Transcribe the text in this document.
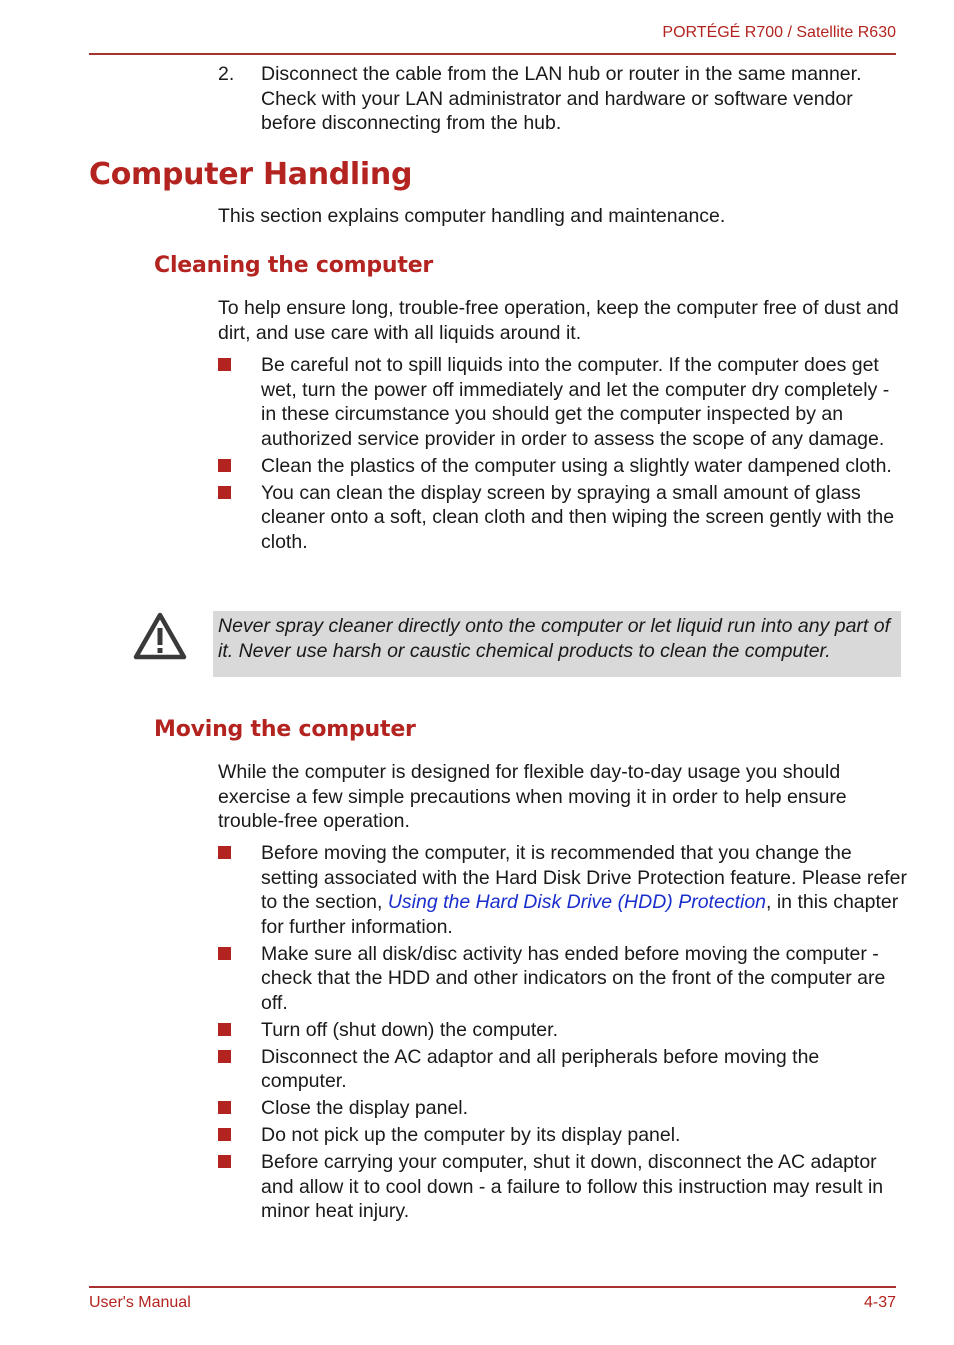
PORTÉGÉ R700 / Satellite R630
2. Disconnect the cable from the LAN hub or router in the same manner. Check with your LAN administrator and hardware or software vendor before disconnecting from the hub.
Computer Handling

This section explains computer handling and maintenance.

Cleaning the computer

To help ensure long, trouble-free operation, keep the computer free of dust and dirt, and use care with all liquids around it.

Be careful not to spill liquids into the computer. If the computer does get wet, turn the power off immediately and let the computer dry completely - in these circumstance you should get the computer inspected by an authorized service provider in order to assess the scope of any damage.
Clean the plastics of the computer using a slightly water dampened cloth.
You can clean the display screen by spraying a small amount of glass cleaner onto a soft, clean cloth and then wiping the screen gently with the cloth.
Never spray cleaner directly onto the computer or let liquid run into any part of it. Never use harsh or caustic chemical products to clean the computer.
Moving the computer

While the computer is designed for flexible day-to-day usage you should exercise a few simple precautions when moving it in order to help ensure trouble-free operation.

Before moving the computer, it is recommended that you change the setting associated with the Hard Disk Drive Protection feature. Please refer to the section, Using the Hard Disk Drive (HDD) Protection, in this chapter for further information.
Make sure all disk/disc activity has ended before moving the computer - check that the HDD and other indicators on the front of the computer are off.
Turn off (shut down) the computer.
Disconnect the AC adaptor and all peripherals before moving the computer.
Close the display panel.
Do not pick up the computer by its display panel.
Before carrying your computer, shut it down, disconnect the AC adaptor and allow it to cool down - a failure to follow this instruction may result in minor heat injury.
User's Manual	4-37
